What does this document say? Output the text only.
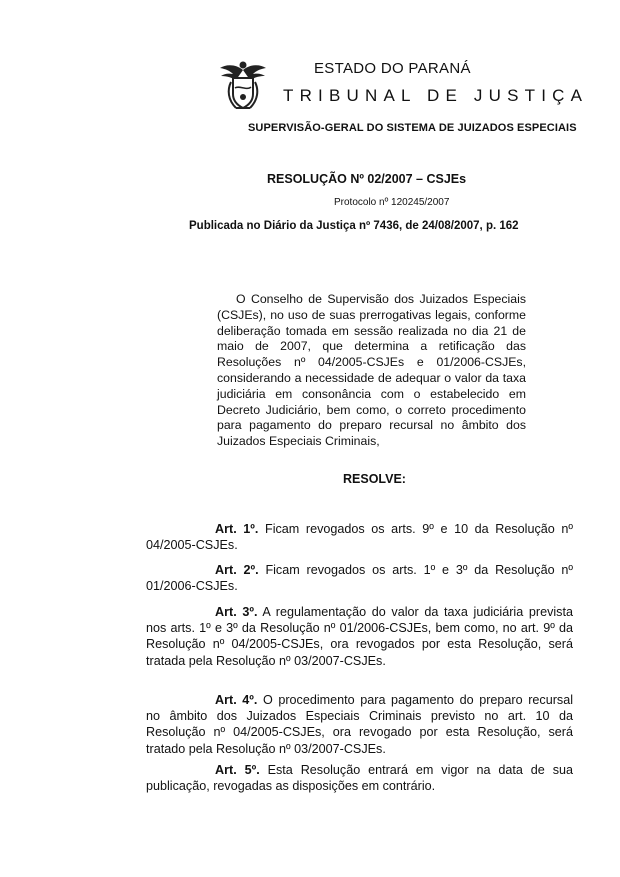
ESTADO DO PARANÁ
TRIBUNAL DE JUSTIÇA
SUPERVISÃO-GERAL DO SISTEMA DE JUIZADOS ESPECIAIS
RESOLUÇÃO Nº 02/2007 – CSJEs
Protocolo nº 120245/2007
Publicada no Diário da Justiça nº 7436, de 24/08/2007, p. 162
O Conselho de Supervisão dos Juizados Especiais (CSJEs), no uso de suas prerrogativas legais, conforme deliberação tomada em sessão realizada no dia 21 de maio de 2007, que determina a retificação das Resoluções nº 04/2005-CSJEs e 01/2006-CSJEs, considerando a necessidade de adequar o valor da taxa judiciária em consonância com o estabelecido em Decreto Judiciário, bem como, o correto procedimento para pagamento do preparo recursal no âmbito dos Juizados Especiais Criminais,
RESOLVE:
Art. 1º. Ficam revogados os arts. 9º e 10 da Resolução nº 04/2005-CSJEs.
Art. 2º. Ficam revogados os arts. 1º e 3º da Resolução nº 01/2006-CSJEs.
Art. 3º. A regulamentação do valor da taxa judiciária prevista nos arts. 1º e 3º da Resolução nº 01/2006-CSJEs, bem como, no art. 9º da Resolução nº 04/2005-CSJEs, ora revogados por esta Resolução, será tratada pela Resolução nº 03/2007-CSJEs.
Art. 4º. O procedimento para pagamento do preparo recursal no âmbito dos Juizados Especiais Criminais previsto no art. 10 da Resolução nº 04/2005-CSJEs, ora revogado por esta Resolução, será tratado pela Resolução nº 03/2007-CSJEs.
Art. 5º. Esta Resolução entrará em vigor na data de sua publicação, revogadas as disposições em contrário.
